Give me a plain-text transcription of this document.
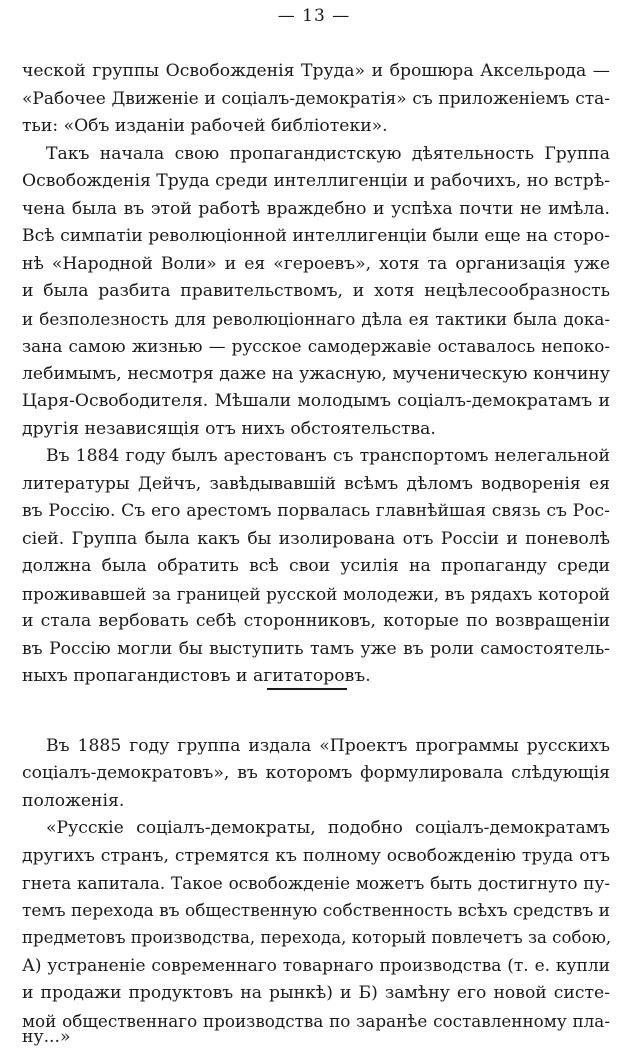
— 13 —
ческой группы Освобожденія Труда» и брошюра Аксельрода —
«Рабочее Движеніе и соціалъ-демократія» съ приложеніемъ ста-
тьи: «Объ изданіи рабочей библіотеки».
Такъ начала свою пропагандистскую дѣятельность Группа
Освобожденія Труда среди интеллигенціи и рабочихъ, но встрѣ-
чена была въ этой работѣ враждебно и успѣха почти не имѣла.
Всѣ симпатіи революціонной интеллигенціи были еще на сторо-
нѣ «Народной Воли» и ея «героевъ», хотя та организація уже
и была разбита правительствомъ, и хотя нецѣлесообразность
и безполезность для революціоннаго дѣла ея тактики была дока-
зана самою жизнью — русское самодержавіе оставалось непоко-
лебимымъ, несмотря даже на ужасную, мученическую кончину
Царя-Освободителя. Мѣшали молодымъ соціалъ-демократамъ и
другія независящія отъ нихъ обстоятельства.
Въ 1884 году былъ арестованъ съ транспортомъ нелегальной
литературы Дейчъ, завѣдывавшій всѣмъ дѣломъ водворенія ея
въ Россію. Съ его арестомъ порвалась главнѣйшая связь съ Рос-
сіей. Группа была какъ бы изолирована отъ Россіи и поневолѣ
должна была обратить всѣ свои усилія на пропаганду среди
проживавшей за границей русской молодежи, въ рядахъ которой
и стала вербовать себѣ сторонниковъ, которые по возвращеніи
въ Россію могли бы выступить тамъ уже въ роли самостоятель-
ныхъ пропагандистовъ и агитаторовъ.
Въ 1885 году группа издала «Проектъ программы русскихъ
соціалъ-демократовъ», въ которомъ формулировала слѣдующія
положенія.
«Русскіе соціалъ-демократы, подобно соціалъ-демократамъ
другихъ странъ, стремятся къ полному освобожденію труда отъ
гнета капитала. Такое освобожденіе можетъ быть достигнуто пу-
темъ перехода въ общественную собственность всѣхъ средствъ и
предметовъ производства, перехода, который повлечетъ за собою,
А) устраненіе современнаго товарнаго производства (т. е. купли
и продажи продуктовъ на рынкѣ) и Б) замѣну его новой систе-
мой общественнаго производства по заранѣе составленному пла-
ну...»
